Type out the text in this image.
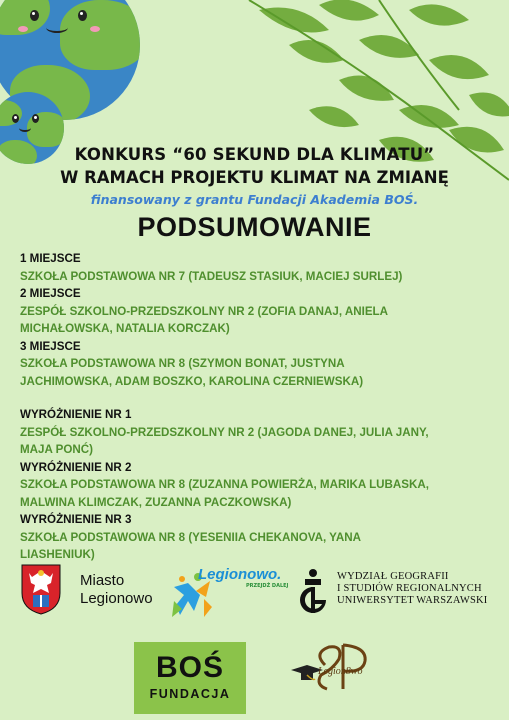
KONKURS “60 SEKUND DLA KLIMATU”
W RAMACH PROJEKTU KLIMAT NA ZMIANĘ
finansowany z grantu Fundacji Akademia BOŚ.
PODSUMOWANIE
1 MIEJSCE
SZKOŁA PODSTAWOWA NR 7 (TADEUSZ STASIUK, MACIEJ SURLEJ)
2 MIEJSCE
ZESPÓŁ SZKOLNO-PRZEDSZKOLNY NR 2 (ZOFIA DANAJ, ANIELA
MICHAŁOWSKA, NATALIA KORCZAK)
3 MIEJSCE
SZKOŁA PODSTAWOWA NR 8 (SZYMON BONAT, JUSTYNA
JACHIMOWSKA, ADAM BOSZKO, KAROLINA CZERNIEWSKA)
WYRÓŻNIENIE NR 1
ZESPÓŁ SZKOLNO-PRZEDSZKOLNY NR 2 (JAGODA DANEJ, JULIA JANY,
MAJA PONĆ)
WYRÓŻNIENIE NR 2
SZKOŁA PODSTAWOWA NR 8 (ZUZANNA POWIERŻA, MARIKA LUBASKA,
MALWINA KLIMCZAK, ZUZANNA PACZKOWSKA)
WYRÓŻNIENIE NR 3
SZKOŁA PODSTAWOWA NR 8 (YESENIIA CHEKANOVA, YANA
LIASHENIUK)
Miasto
Legionowo
Legionowo.
PRZEJDŹ DALEJ
WYDZIAŁ GEOGRAFII
I STUDIÓW REGIONALNYCH
UNIWERSYTET WARSZAWSKI
BOŚ
FUNDACJA
Legion8wo
